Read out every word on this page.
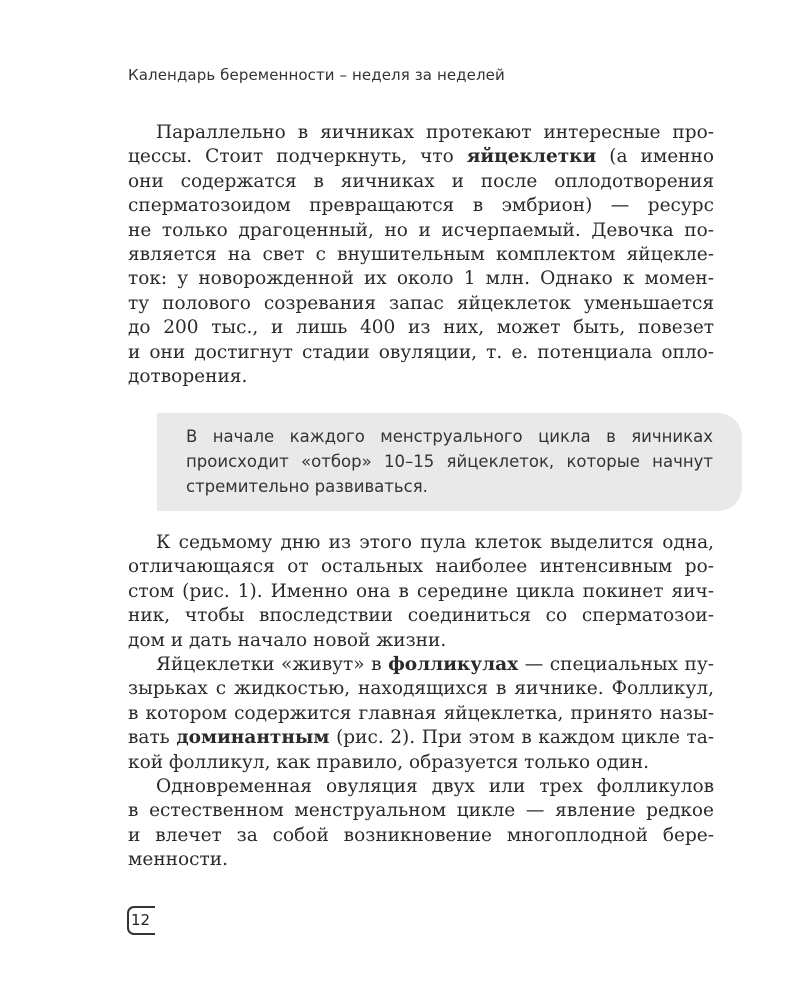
Календарь беременности – неделя за неделей
Параллельно в яичниках протекают интересные про-
цессы. Стоит подчеркнуть, что яйцеклетки (а именно
они содержатся в яичниках и после оплодотворения
сперматозоидом превращаются в эмбрион) — ресурс
не только драгоценный, но и исчерпаемый. Девочка по-
является на свет с внушительным комплектом яйцекле-
ток: у новорожденной их около 1 млн. Однако к момен-
ту полового созревания запас яйцеклеток уменьшается
до 200 тыс., и лишь 400 из них, может быть, повезет
и они достигнут стадии овуляции, т. е. потенциала опло-
дотворения.
В начале каждого менструального цикла в яичниках
происходит «отбор» 10–15 яйцеклеток, которые начнут
стремительно развиваться.
К седьмому дню из этого пула клеток выделится одна,
отличающаяся от остальных наиболее интенсивным ро-
стом (рис. 1). Именно она в середине цикла покинет яич-
ник, чтобы впоследствии соединиться со сперматозои-
дом и дать начало новой жизни.
Яйцеклетки «живут» в фолликулах — специальных пу-
зырьках с жидкостью, находящихся в яичнике. Фолликул,
в котором содержится главная яйцеклетка, принято назы-
вать доминантным (рис. 2). При этом в каждом цикле та-
кой фолликул, как правило, образуется только один.
Одновременная овуляция двух или трех фолликулов
в естественном менструальном цикле — явление редкое
и влечет за собой возникновение многоплодной бере-
менности.
12
